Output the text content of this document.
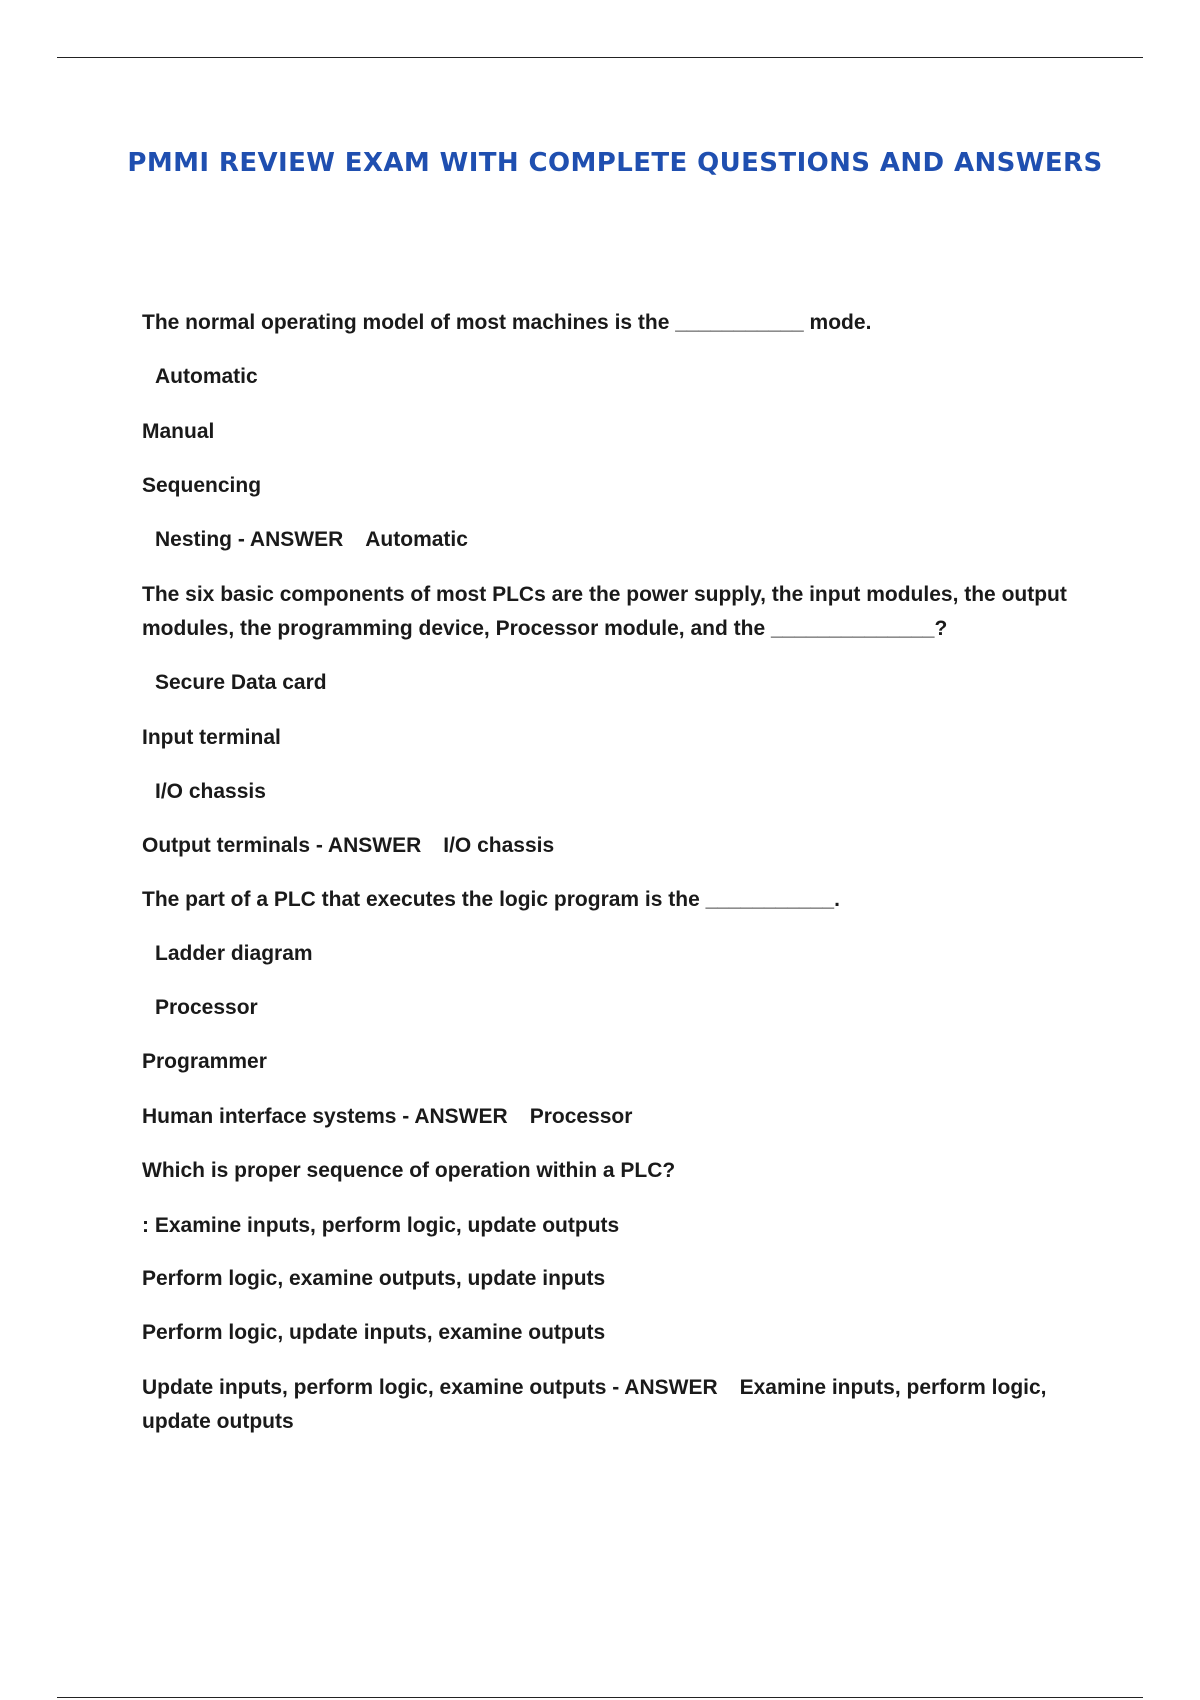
PMMI REVIEW EXAM WITH COMPLETE QUESTIONS AND ANSWERS
The normal operating model of most machines is the ___________ mode.
Automatic
Manual
Sequencing
Nesting - ANSWER Automatic
The six basic components of most PLCs are the power supply, the input modules, the output modules, the programming device, Processor module, and the ______________?
Secure Data card
Input terminal
I/O chassis
Output terminals - ANSWER I/O chassis
The part of a PLC that executes the logic program is the ___________.
Ladder diagram
Processor
Programmer
Human interface systems - ANSWER Processor
Which is proper sequence of operation within a PLC?
: Examine inputs, perform logic, update outputs
Perform logic, examine outputs, update inputs
Perform logic, update inputs, examine outputs
Update inputs, perform logic, examine outputs - ANSWER Examine inputs, perform logic, update outputs
